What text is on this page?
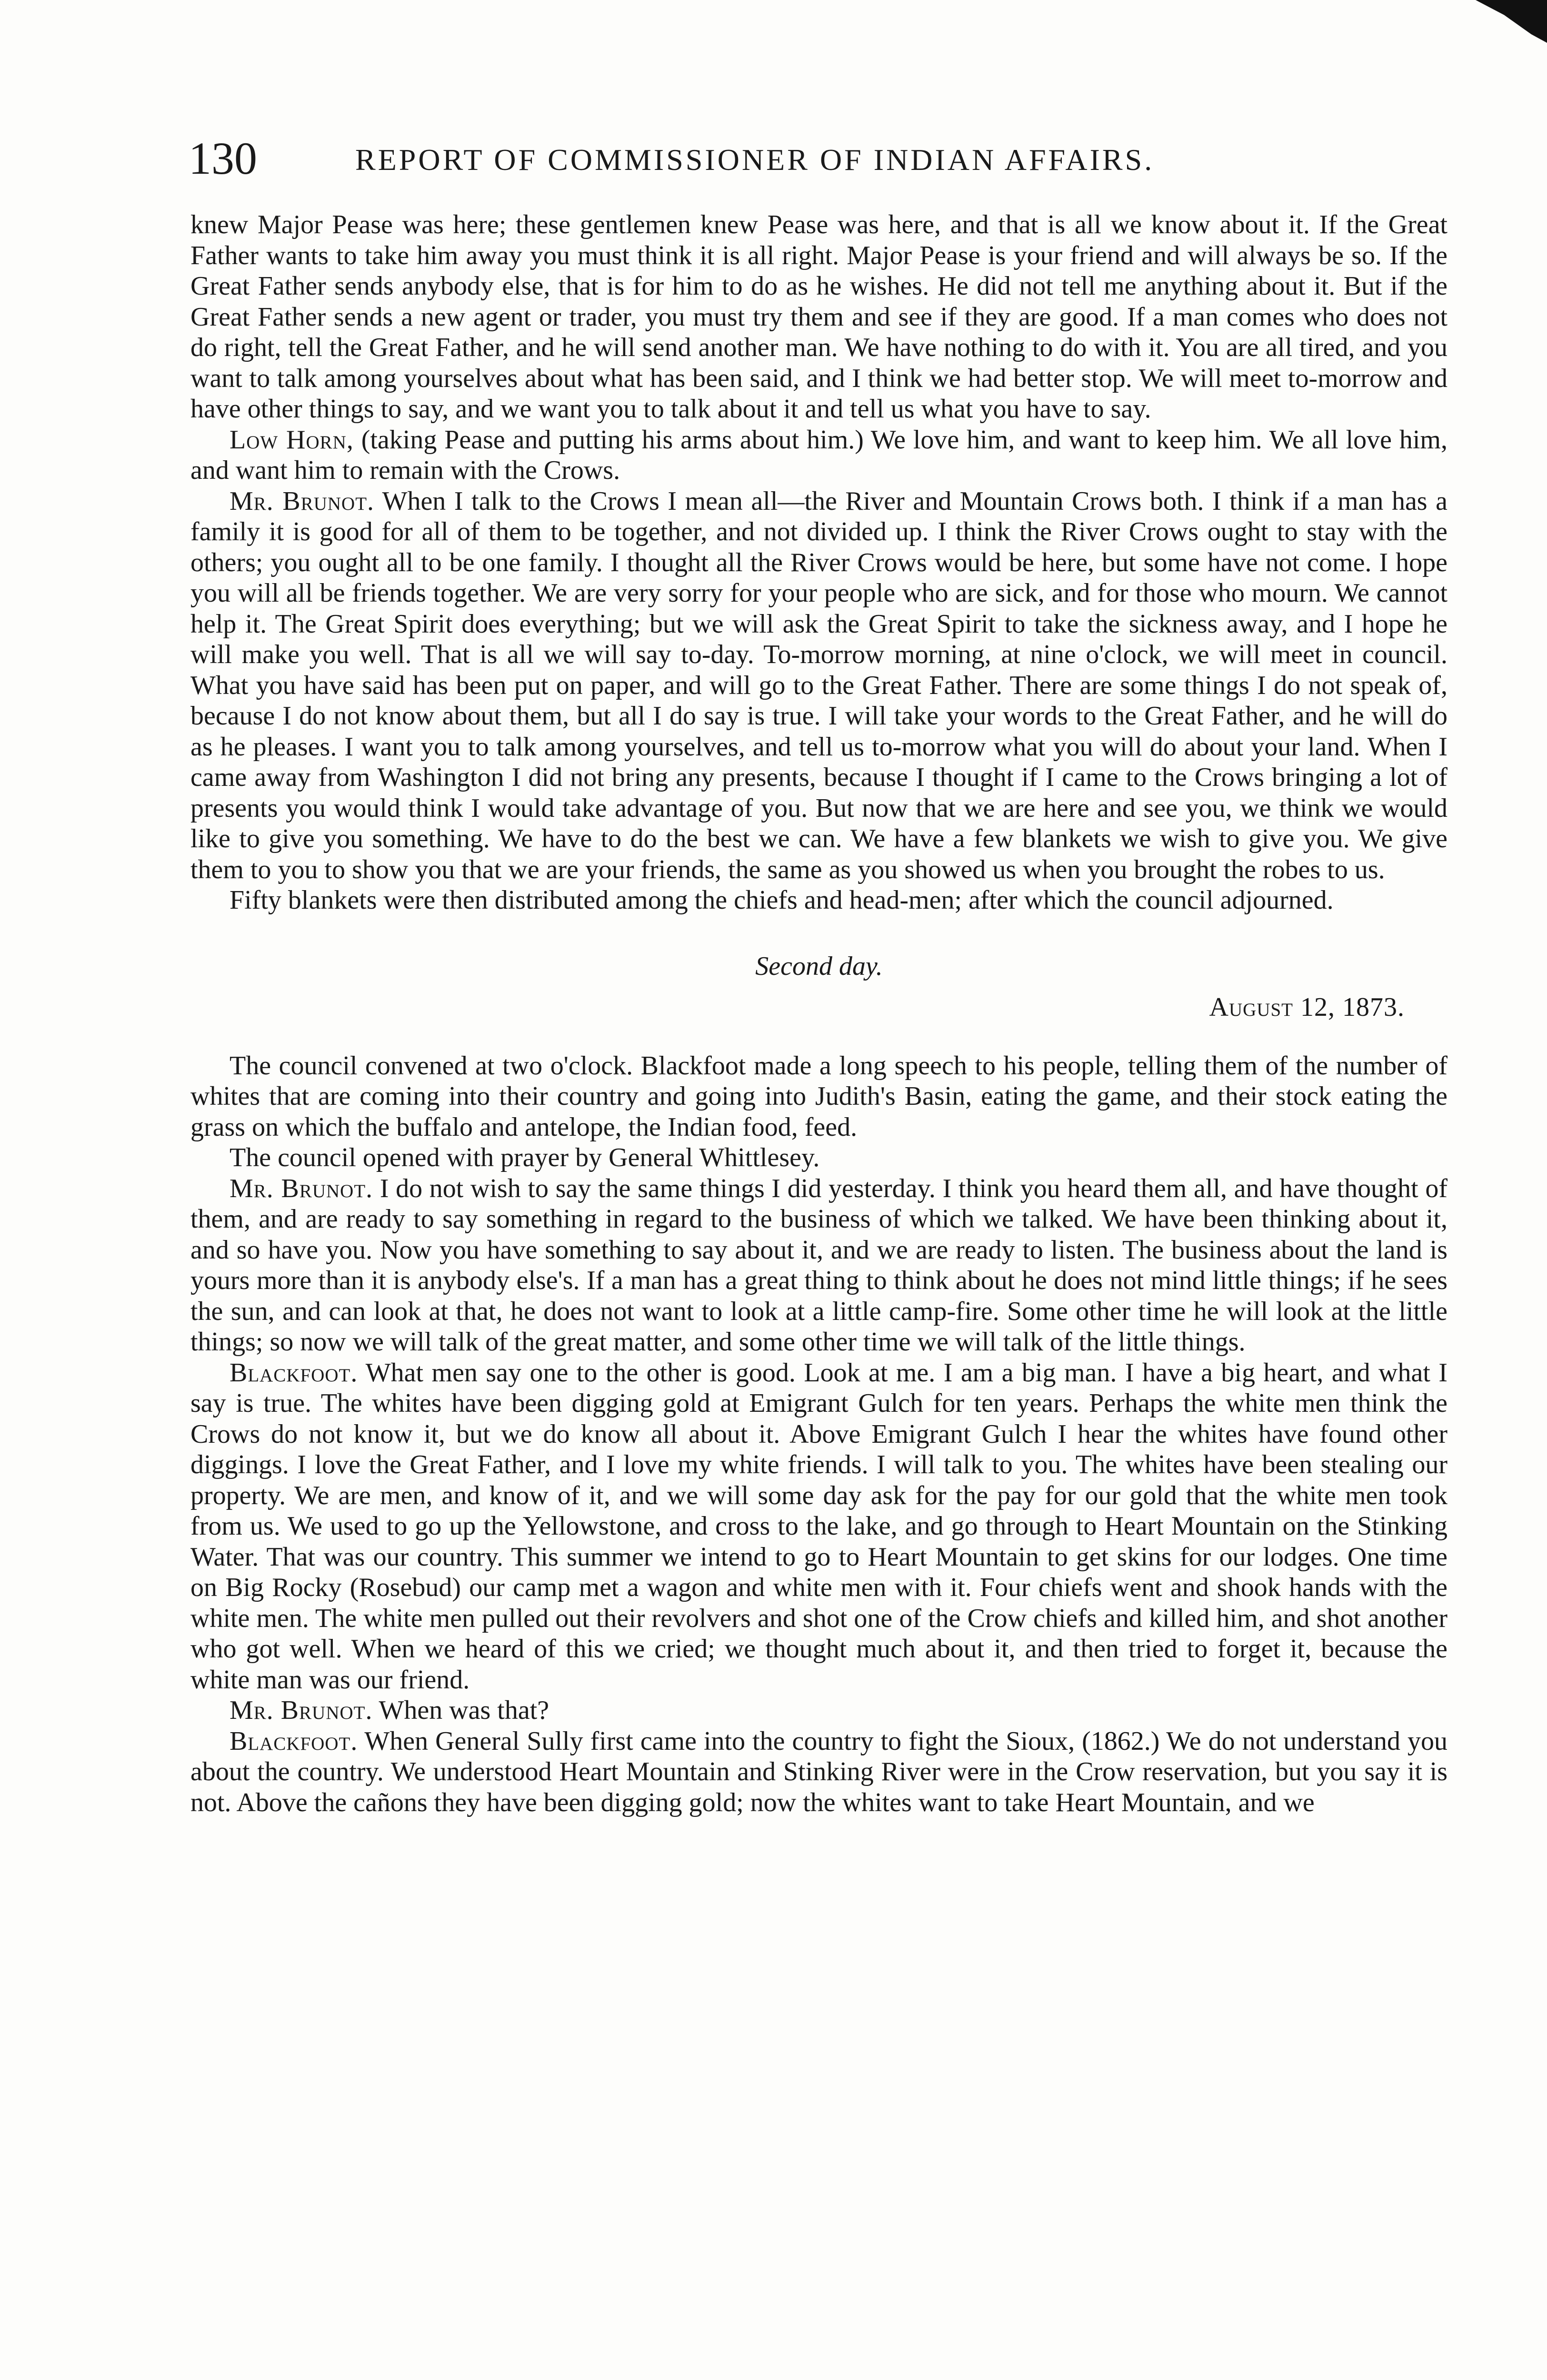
130	REPORT OF COMMISSIONER OF INDIAN AFFAIRS.

knew Major Pease was here; these gentlemen knew Pease was here, and that is all we know about it. If the Great Father wants to take him away you must think it is all right. Major Pease is your friend and will always be so. If the Great Father sends anybody else, that is for him to do as he wishes. He did not tell me anything about it. But if the Great Father sends a new agent or trader, you must try them and see if they are good. If a man comes who does not do right, tell the Great Father, and he will send another man. We have nothing to do with it. You are all tired, and you want to talk among yourselves about what has been said, and I think we had better stop. We will meet to-morrow and have other things to say, and we want you to talk about it and tell us what you have to say.

Low Horn, (taking Pease and putting his arms about him.) We love him, and want to keep him. We all love him, and want him to remain with the Crows.

Mr. Brunot. When I talk to the Crows I mean all—the River and Mountain Crows both. I think if a man has a family it is good for all of them to be together, and not divided up. I think the River Crows ought to stay with the others; you ought all to be one family. I thought all the River Crows would be here, but some have not come. I hope you will all be friends together. We are very sorry for your people who are sick, and for those who mourn. We cannot help it. The Great Spirit does everything; but we will ask the Great Spirit to take the sickness away, and I hope he will make you well. That is all we will say to-day. To-morrow morning, at nine o'clock, we will meet in council. What you have said has been put on paper, and will go to the Great Father. There are some things I do not speak of, because I do not know about them, but all I do say is true. I will take your words to the Great Father, and he will do as he pleases. I want you to talk among yourselves, and tell us to-morrow what you will do about your land. When I came away from Washington I did not bring any presents, because I thought if I came to the Crows bringing a lot of presents you would think I would take advantage of you. But now that we are here and see you, we think we would like to give you something. We have to do the best we can. We have a few blankets we wish to give you. We give them to you to show you that we are your friends, the same as you showed us when you brought the robes to us.

Fifty blankets were then distributed among the chiefs and head-men; after which the council adjourned.

Second day.

August 12, 1873.

The council convened at two o'clock. Blackfoot made a long speech to his people, telling them of the number of whites that are coming into their country and going into Judith's Basin, eating the game, and their stock eating the grass on which the buffalo and antelope, the Indian food, feed.

The council opened with prayer by General Whittlesey.

Mr. Brunot. I do not wish to say the same things I did yesterday. I think you heard them all, and have thought of them, and are ready to say something in regard to the business of which we talked. We have been thinking about it, and so have you. Now you have something to say about it, and we are ready to listen. The business about the land is yours more than it is anybody else's. If a man has a great thing to think about he does not mind little things; if he sees the sun, and can look at that, he does not want to look at a little camp-fire. Some other time he will look at the little things; so now we will talk of the great matter, and some other time we will talk of the little things.

Blackfoot. What men say one to the other is good. Look at me. I am a big man. I have a big heart, and what I say is true. The whites have been digging gold at Emigrant Gulch for ten years. Perhaps the white men think the Crows do not know it, but we do know all about it. Above Emigrant Gulch I hear the whites have found other diggings. I love the Great Father, and I love my white friends. I will talk to you. The whites have been stealing our property. We are men, and know of it, and we will some day ask for the pay for our gold that the white men took from us. We used to go up the Yellowstone, and cross to the lake, and go through to Heart Mountain on the Stinking Water. That was our country. This summer we intend to go to Heart Mountain to get skins for our lodges. One time on Big Rocky (Rosebud) our camp met a wagon and white men with it. Four chiefs went and shook hands with the white men. The white men pulled out their revolvers and shot one of the Crow chiefs and killed him, and shot another who got well. When we heard of this we cried; we thought much about it, and then tried to forget it, because the white man was our friend.

Mr. Brunot. When was that?

Blackfoot. When General Sully first came into the country to fight the Sioux, (1862.) We do not understand you about the country. We understood Heart Mountain and Stinking River were in the Crow reservation, but you say it is not. Above the cañons they have been digging gold; now the whites want to take Heart Mountain, and we
